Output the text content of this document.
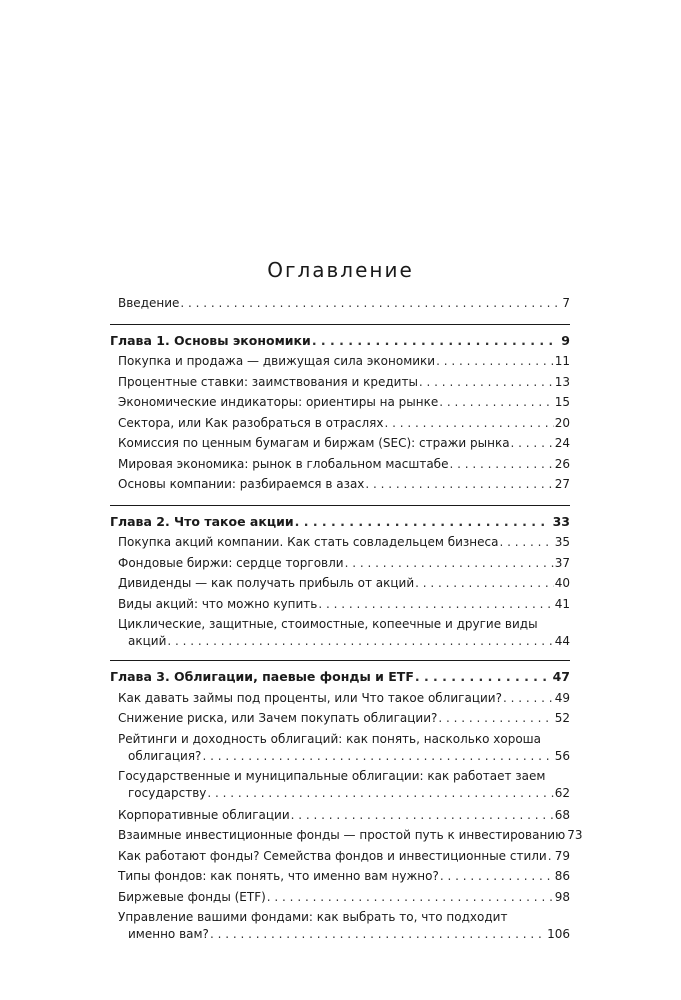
Оглавление
Введение . . .	7
Глава 1. Основы экономики . . .	9
Покупка и продажа — движущая сила экономики . . .	11
Процентные ставки: заимствования и кредиты . . .	13
Экономические индикаторы: ориентиры на рынке . . .	15
Сектора, или Как разобраться в отраслях . . .	20
Комиссия по ценным бумагам и биржам (SEC): стражи рынка . . .	24
Мировая экономика: рынок в глобальном масштабе . . .	26
Основы компании: разбираемся в азах . . .	27
Глава 2. Что такое акции . . .	33
Покупка акций компании. Как стать совладельцем бизнеса . . .	35
Фондовые биржи: сердце торговли . . .	37
Дивиденды — как получать прибыль от акций . . .	40
Виды акций: что можно купить . . .	41
Циклические, защитные, стоимостные, копеечные и другие виды
акций . . .	44
Глава 3. Облигации, паевые фонды и ETF . . .	47
Как давать займы под проценты, или Что такое облигации? . . .	49
Снижение риска, или Зачем покупать облигации? . . .	52
Рейтинги и доходность облигаций: как понять, насколько хороша
облигация? . . .	56
Государственные и муниципальные облигации: как работает заем
государству . . .	62
Корпоративные облигации . . .	68
Взаимные инвестиционные фонды — простой путь к инвестированию 73
Как работают фонды? Семейства фондов и инвестиционные стили . . . 79
Типы фондов: как понять, что именно вам нужно? . . .	86
Биржевые фонды (ETF) . . .	98
Управление вашими фондами: как выбрать то, что подходит
именно вам? . . .	106
